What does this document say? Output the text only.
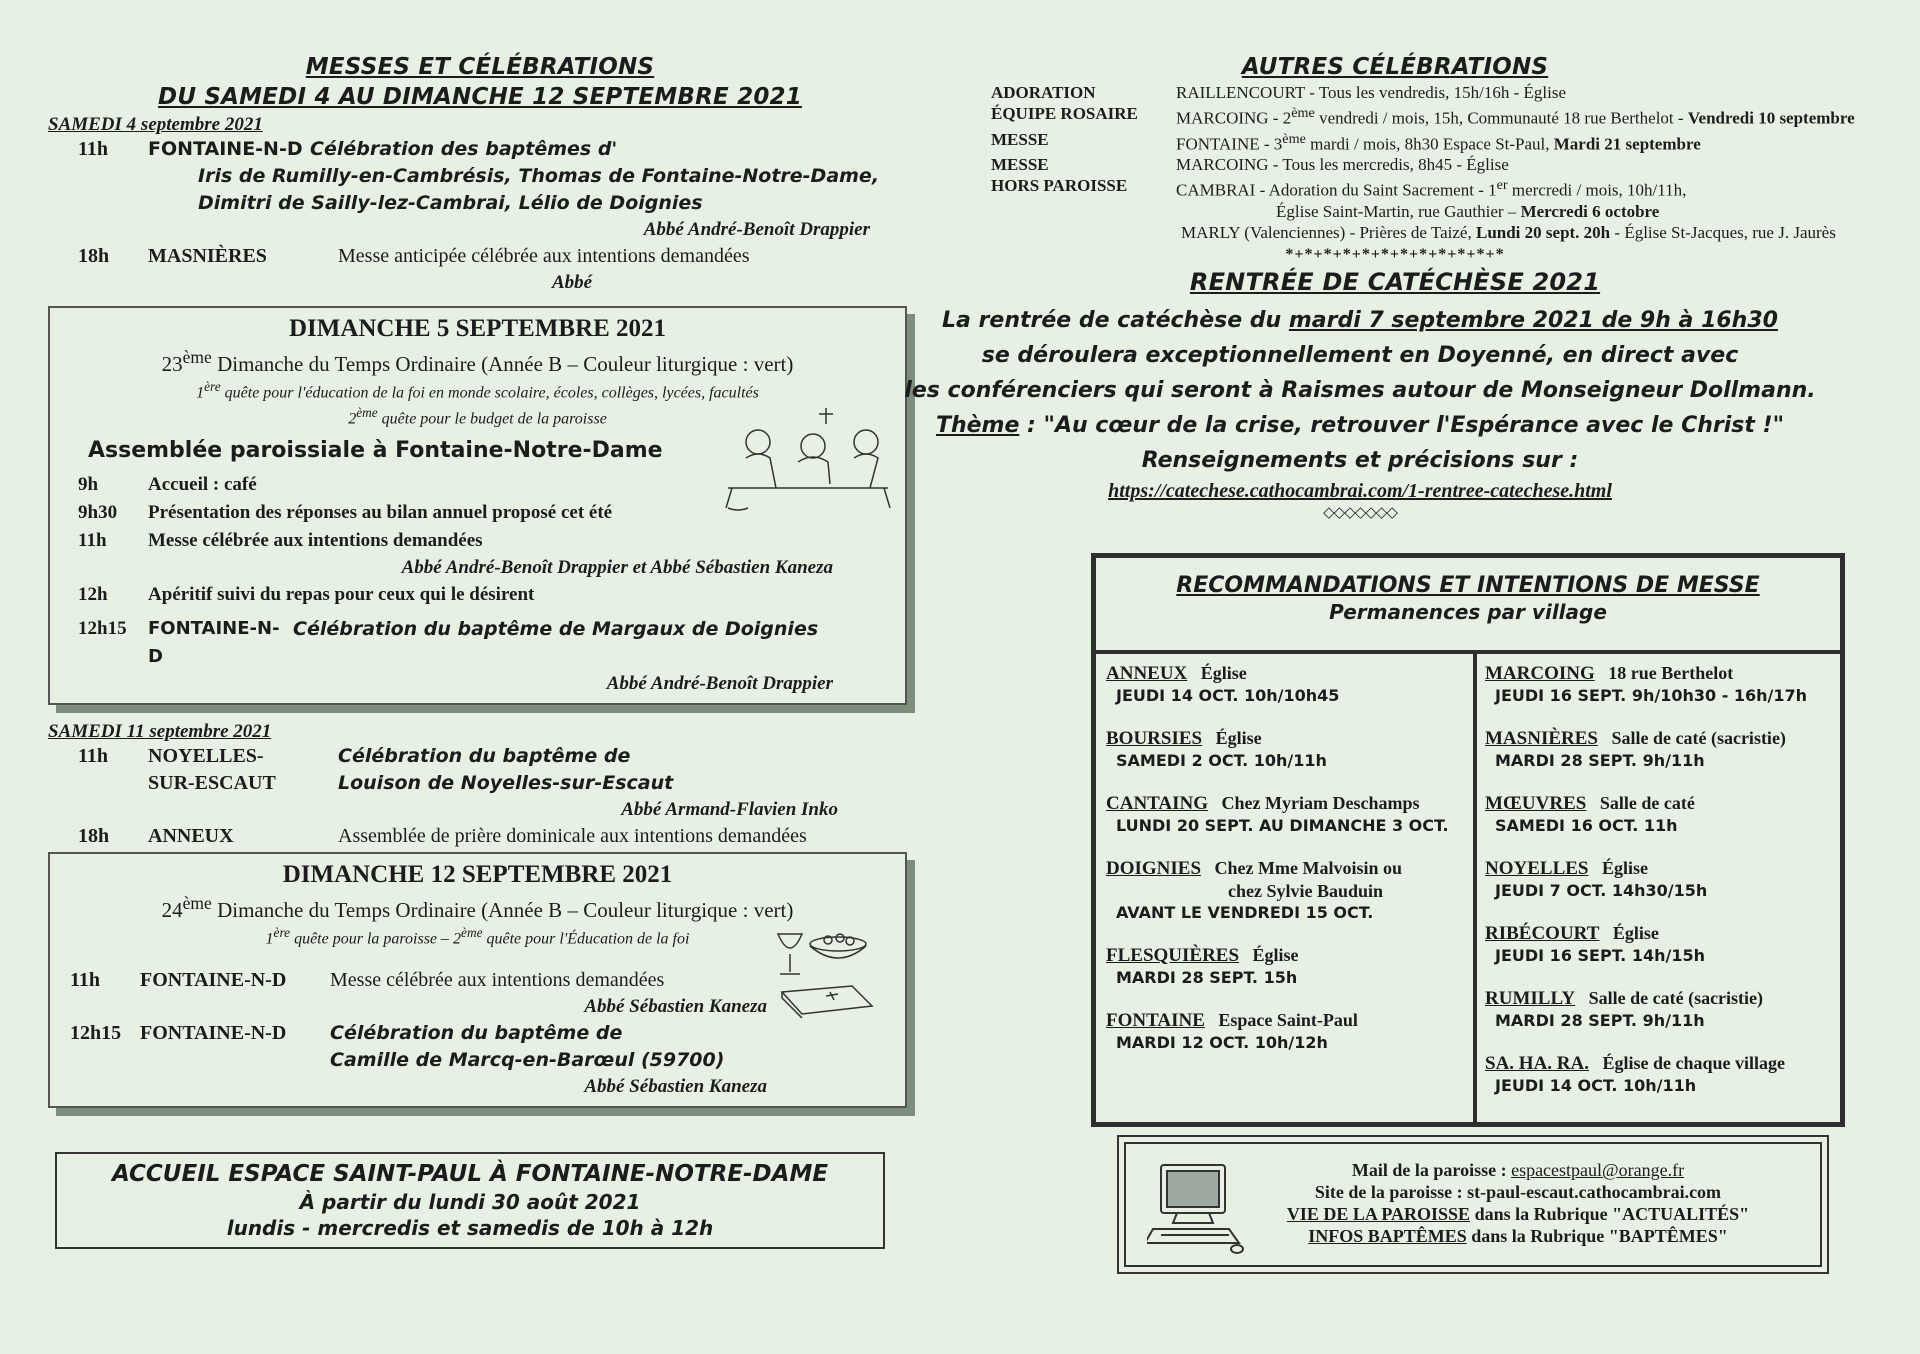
MESSES ET CÉLÉBRATIONS
DU SAMEDI 4 AU DIMANCHE 12 SEPTEMBRE 2021
SAMEDI 4 septembre 2021
11h	FONTAINE-N-D Célébration des baptêmes d'
Iris de Rumilly-en-Cambrésis, Thomas de Fontaine-Notre-Dame,
Dimitri de Sailly-lez-Cambrai, Lélio de Doignies
Abbé André-Benoît Drappier
18h	MASNIÈRES	Messe anticipée célébrée aux intentions demandées
Abbé
DIMANCHE 5 SEPTEMBRE 2021
23ème Dimanche du Temps Ordinaire (Année B – Couleur liturgique : vert)
1ère quête pour l'éducation de la foi en monde scolaire, écoles, collèges, lycées, facultés
2ème quête pour le budget de la paroisse
Assemblée paroissiale à Fontaine-Notre-Dame
9h	Accueil : café
9h30	Présentation des réponses au bilan annuel proposé cet été
11h	Messe célébrée aux intentions demandées
Abbé André-Benoît Drappier et Abbé Sébastien Kaneza
12h	Apéritif suivi du repas pour ceux qui le désirent
12h15	FONTAINE-N-D
Célébration du baptême de Margaux de Doignies
Abbé André-Benoît Drappier
SAMEDI 11 septembre 2021
11h	NOYELLES-	Célébration du baptême de
SUR-ESCAUT	Louison de Noyelles-sur-Escaut
Abbé Armand-Flavien Inko
18h	ANNEUX	Assemblée de prière dominicale aux intentions demandées
DIMANCHE 12 SEPTEMBRE 2021
24ème Dimanche du Temps Ordinaire (Année B – Couleur liturgique : vert)
1ère quête pour la paroisse – 2ème quête pour l'Éducation de la foi
11h	FONTAINE-N-D	Messe célébrée aux intentions demandées
Abbé Sébastien Kaneza
12h15 FONTAINE-N-D	Célébration du baptême de
Camille de Marcq-en-Barœul (59700)
Abbé Sébastien Kaneza
ACCUEIL ESPACE SAINT-PAUL À FONTAINE-NOTRE-DAME
À partir du lundi 30 août 2021
lundis - mercredis et samedis de 10h à 12h
AUTRES CÉLÉBRATIONS
ADORATION	RAILLENCOURT - Tous les vendredis, 15h/16h - Église
ÉQUIPE ROSAIRE	MARCOING - 2ème vendredi / mois, 15h, Communauté 18 rue Berthelot - Vendredi 10 septembre
MESSE	FONTAINE - 3ème mardi / mois, 8h30 Espace St-Paul, Mardi 21 septembre
MESSE	MARCOING - Tous les mercredis, 8h45 - Église
HORS PAROISSE	CAMBRAI - Adoration du Saint Sacrement - 1er mercredi / mois, 10h/11h,
	Église Saint-Martin, rue Gauthier – Mercredi 6 octobre
	MARLY (Valenciennes) - Prières de Taizé, Lundi 20 sept. 20h - Église St-Jacques, rue J. Jaurès
*+*+*+*+*+*+*+*+*+*+*+*
RENTRÉE DE CATÉCHÈSE 2021
La rentrée de catéchèse du mardi 7 septembre 2021 de 9h à 16h30
se déroulera exceptionnellement en Doyenné, en direct avec
les conférenciers qui seront à Raismes autour de Monseigneur Dollmann.
Thème : "Au cœur de la crise, retrouver l'Espérance avec le Christ !"
Renseignements et précisions sur :
https://catechese.cathocambrai.com/1-rentree-catechese.html
◇◇◇◇◇◇◇
RECOMMANDATIONS ET INTENTIONS DE MESSE
Permanences par village
ANNEUX Église
JEUDI 14 OCT. 10h/10h45
BOURSIES Église
SAMEDI 2 OCT. 10h/11h
CANTAING Chez Myriam Deschamps
LUNDI 20 SEPT. AU DIMANCHE 3 OCT.
DOIGNIES Chez Mme Malvoisin ou
chez Sylvie Bauduin
AVANT LE VENDREDI 15 OCT.
FLESQUIÈRES Église
MARDI 28 SEPT. 15h
FONTAINE Espace Saint-Paul
MARDI 12 OCT. 10h/12h
MARCOING 18 rue Berthelot
JEUDI 16 SEPT. 9h/10h30 - 16h/17h
MASNIÈRES Salle de caté (sacristie)
MARDI 28 SEPT. 9h/11h
MŒUVRES Salle de caté
SAMEDI 16 OCT. 11h
NOYELLES Église
JEUDI 7 OCT. 14h30/15h
RIBÉCOURT Église
JEUDI 16 SEPT. 14h/15h
RUMILLY Salle de caté (sacristie)
MARDI 28 SEPT. 9h/11h
SA. HA. RA. Église de chaque village
JEUDI 14 OCT. 10h/11h
Mail de la paroisse : espacestpaul@orange.fr
Site de la paroisse : st-paul-escaut.cathocambrai.com
VIE DE LA PAROISSE dans la Rubrique "ACTUALITÉS"
INFOS BAPTÊMES dans la Rubrique "BAPTÊMES"
